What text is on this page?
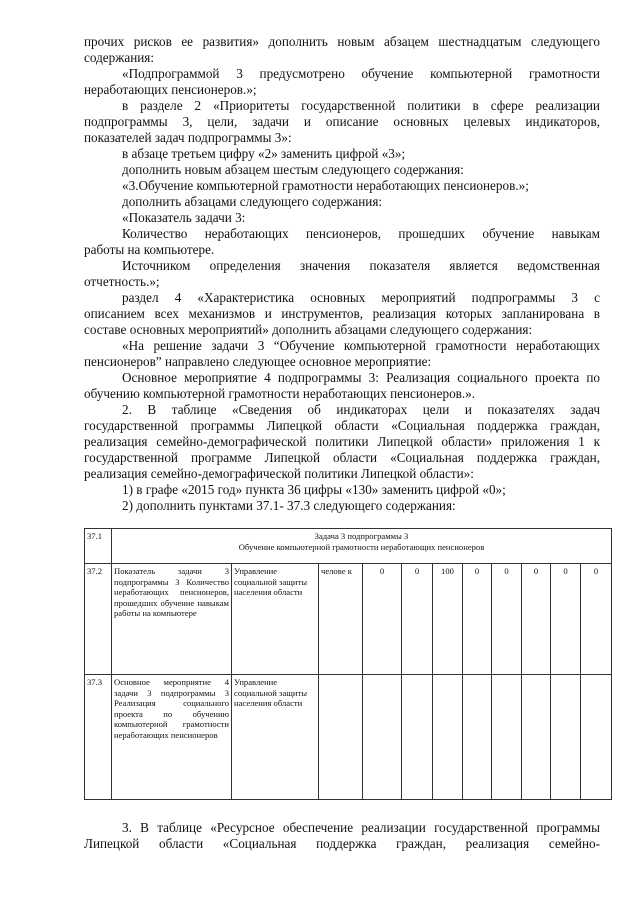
прочих рисков ее развития» дополнить новым абзацем шестнадцатым следующего
содержания:
«Подпрограммой 3 предусмотрено обучение компьютерной грамотности
неработающих пенсионеров.»;
в разделе 2 «Приоритеты государственной политики в сфере реализации
подпрограммы 3, цели, задачи и описание основных целевых индикаторов,
показателей задач подпрограммы 3»:
в абзаце третьем цифру «2» заменить цифрой «3»;
дополнить новым абзацем шестым следующего содержания:
«3.Обучение компьютерной грамотности неработающих пенсионеров.»;
дополнить абзацами следующего содержания:
«Показатель задачи 3:
Количество неработающих пенсионеров, прошедших обучение навыкам
работы на компьютере.
Источником определения значения показателя является ведомственная
отчетность.»;
раздел 4 «Характеристика основных мероприятий подпрограммы 3 с
описанием всех механизмов и инструментов, реализация которых запланирована в
составе основных мероприятий» дополнить абзацами следующего содержания:
«На решение задачи 3 “Обучение компьютерной грамотности неработающих
пенсионеров” направлено следующее основное мероприятие:
Основное мероприятие 4 подпрограммы 3: Реализация социального проекта по
обучению компьютерной грамотности неработающих пенсионеров.».
2. В таблице «Сведения об индикаторах цели и показателях задач
государственной программы Липецкой области «Социальная поддержка граждан,
реализация семейно-демографической политики Липецкой области» приложения 1 к
государственной программе Липецкой области «Социальная поддержка граждан,
реализация семейно-демографической политики Липецкой области»:
1) в графе «2015 год» пункта 36 цифры «130» заменить цифрой «0»;
2) дополнить пунктами 37.1- 37.3 следующего содержания:
37.1	Задача 3 подпрограммы 3
Обучение компьютерной грамотности неработающих пенсионеров										

37.2	Показатель задачи 3 подпрограммы 3 Количество неработающих пенсионеров, прошедших обучение навыкам работы на компьютере	Управление социальной защиты населения области	челове к	0	0	100	0	0	0	0	0
37.3	Основное мероприятие 4 задачи 3 подпрограммы 3 Реализация социального проекта по обучению компьютерной грамотности неработающих пенсионеров	Управление социальной защиты населения области									
3. В таблице «Ресурсное обеспечение реализации государственной программы
Липецкой области «Социальная поддержка граждан, реализация семейно-
